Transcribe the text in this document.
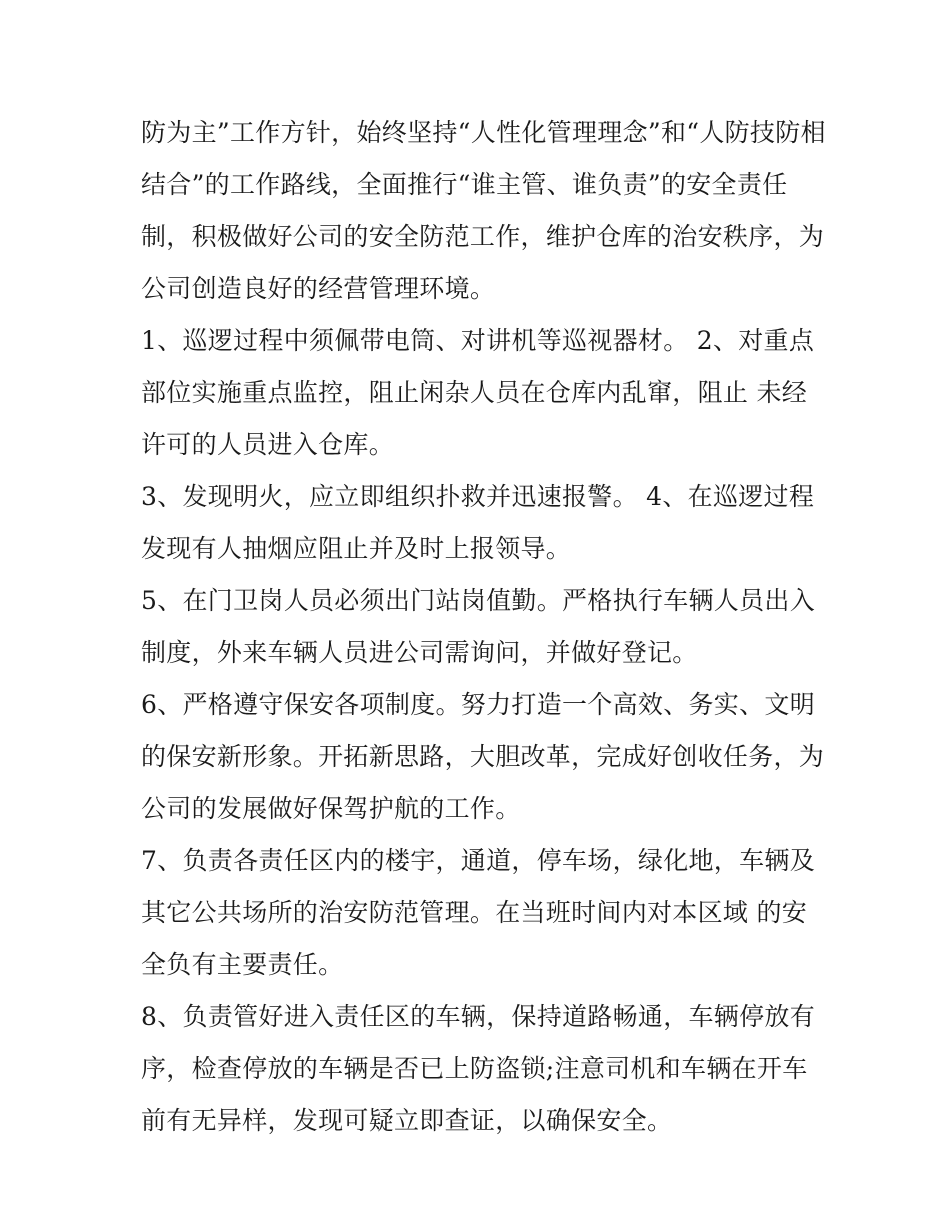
防为主”工作方针，始终坚持“人性化管理理念”和“人防技防相
结合”的工作路线，全面推行“谁主管、谁负责”的安全责任
制，积极做好公司的安全防范工作，维护仓库的治安秩序，为
公司创造良好的经营管理环境。
1、巡逻过程中须佩带电筒、对讲机等巡视器材。 2、对重点
部位实施重点监控，阻止闲杂人员在仓库内乱窜，阻止 未经
许可的人员进入仓库。
3、发现明火，应立即组织扑救并迅速报警。 4、在巡逻过程
发现有人抽烟应阻止并及时上报领导。
5、在门卫岗人员必须出门站岗值勤。严格执行车辆人员出入
制度，外来车辆人员进公司需询问，并做好登记。
6、严格遵守保安各项制度。努力打造一个高效、务实、文明
的保安新形象。开拓新思路，大胆改革，完成好创收任务，为
公司的发展做好保驾护航的工作。
7、负责各责任区内的楼宇，通道，停车场，绿化地，车辆及
其它公共场所的治安防范管理。在当班时间内对本区域 的安
全负有主要责任。
8、负责管好进入责任区的车辆，保持道路畅通，车辆停放有
序，检查停放的车辆是否已上防盗锁;注意司机和车辆在开车
前有无异样，发现可疑立即查证，以确保安全。
